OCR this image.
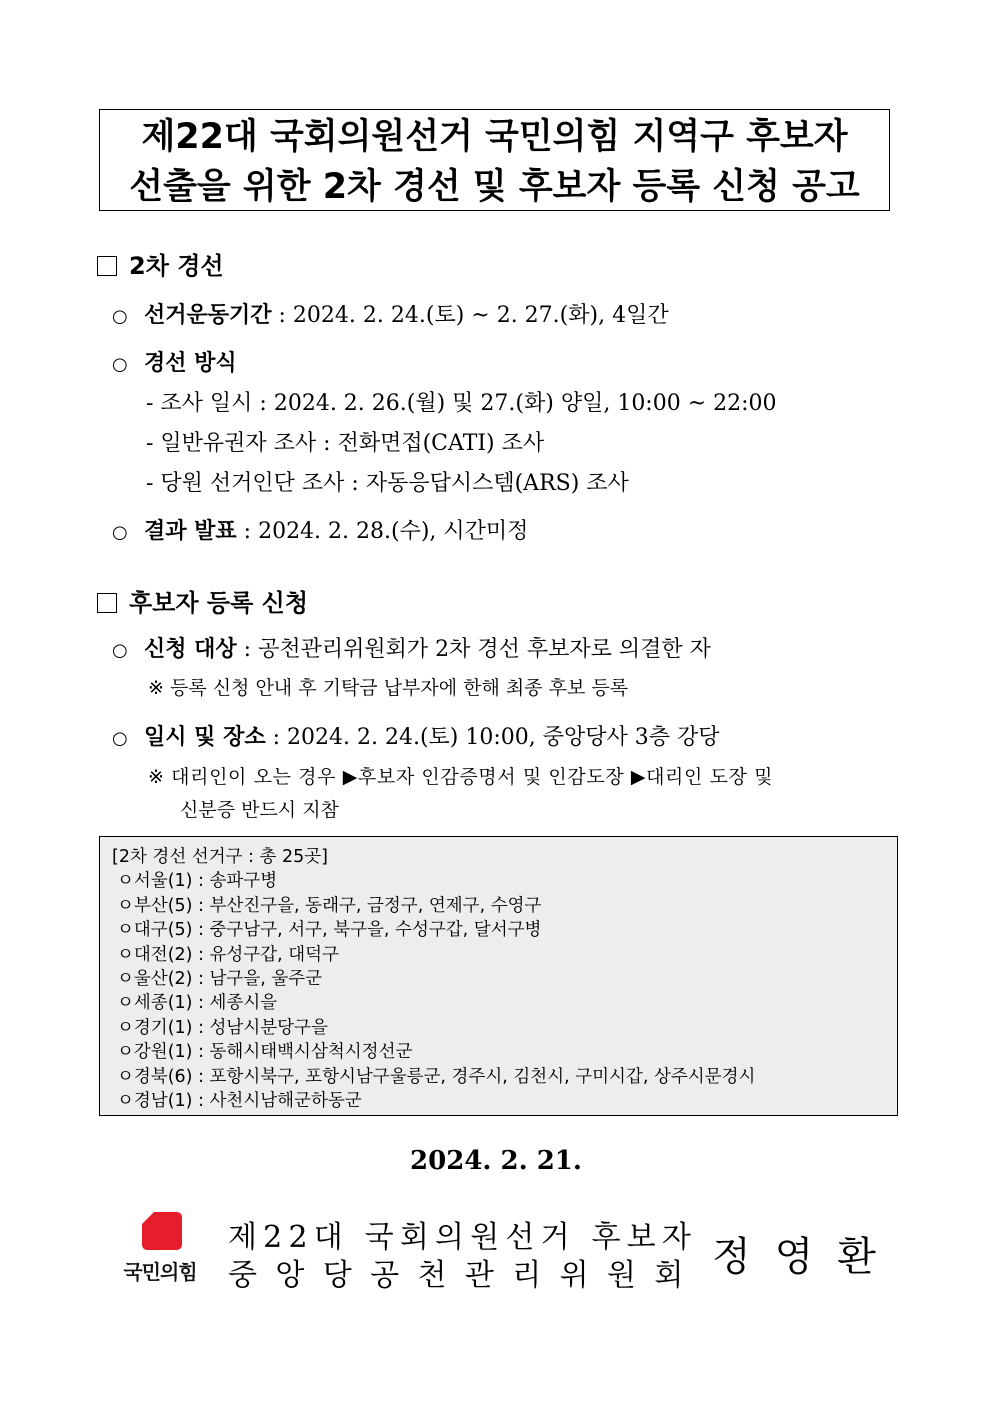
제22대 국회의원선거 국민의힘 지역구 후보자
선출을 위한 2차 경선 및 후보자 등록 신청 공고
2차 경선
○ 선거운동기간 : 2024. 2. 24.(토) ~ 2. 27.(화), 4일간
○ 경선 방식
- 조사 일시 : 2024. 2. 26.(월) 및 27.(화) 양일, 10:00 ~ 22:00
- 일반유권자 조사 : 전화면접(CATI) 조사
- 당원 선거인단 조사 : 자동응답시스템(ARS) 조사
○ 결과 발표 : 2024. 2. 28.(수), 시간미정
후보자 등록 신청
○ 신청 대상 : 공천관리위원회가 2차 경선 후보자로 의결한 자
※ 등록 신청 안내 후 기탁금 납부자에 한해 최종 후보 등록
○ 일시 및 장소 : 2024. 2. 24.(토) 10:00, 중앙당사 3층 강당
※ 대리인이 오는 경우 ▶후보자 인감증명서 및 인감도장 ▶대리인 도장 및
신분증 반드시 지참
[2차 경선 선거구 : 총 25곳]
ㅇ서울(1) : 송파구병
ㅇ부산(5) : 부산진구을, 동래구, 금정구, 연제구, 수영구
ㅇ대구(5) : 중구남구, 서구, 북구을, 수성구갑, 달서구병
ㅇ대전(2) : 유성구갑, 대덕구
ㅇ울산(2) : 남구을, 울주군
ㅇ세종(1) : 세종시을
ㅇ경기(1) : 성남시분당구을
ㅇ강원(1) : 동해시태백시삼척시정선군
ㅇ경북(6) : 포항시북구, 포항시남구울릉군, 경주시, 김천시, 구미시갑, 상주시문경시
ㅇ경남(1) : 사천시남해군하동군
2024. 2. 21.
국민의힘
제22대 국회의원선거 후보자
중앙당공천관리위원회 정영환
